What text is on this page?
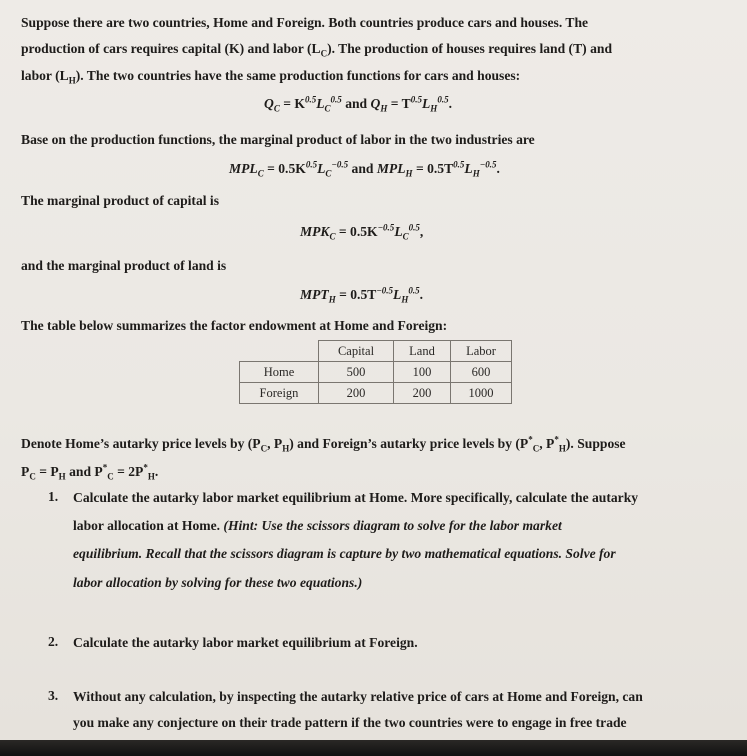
Suppose there are two countries, Home and Foreign. Both countries produce cars and houses. The
production of cars requires capital (K) and labor $(L_C)$. The production of houses requires land (T) and
labor $(L_H)$. The two countries have the same production functions for cars and houses:
$Q_C = K^{0.5}L_C^{0.5}$ and $Q_H = T^{0.5}L_H^{0.5}$.
Base on the production functions, the marginal product of labor in the two industries are
$MPL_C = 0.5K^{0.5}L_C^{-0.5}$ and $MPL_H = 0.5T^{0.5}L_H^{-0.5}$.
The marginal product of capital is
$MPK_C = 0.5K^{-0.5}L_C^{0.5}$,
and the marginal product of land is
$MPT_H = 0.5T^{-0.5}L_H^{0.5}$.
The table below summarizes the factor endowment at Home and Foreign:
	Capital	Land	Labor
Home	500	100	600
Foreign	200	200	1000
Denote Home’s autarky price levels by ($P_C$, $P_H$) and Foreign’s autarky price levels by ($P^*_C$, $P^*_H$). Suppose
$P_C = P_H$ and $P^*_C = 2P^*_H$.
1. Calculate the autarky labor market equilibrium at Home. More specifically, calculate the autarky
labor allocation at Home. (Hint: Use the scissors diagram to solve for the labor market
equilibrium. Recall that the scissors diagram is capture by two mathematical equations. Solve for
labor allocation by solving for these two equations.)
2. Calculate the autarky labor market equilibrium at Foreign.
3. Without any calculation, by inspecting the autarky relative price of cars at Home and Foreign, can
you make any conjecture on their trade pattern if the two countries were to engage in free trade
